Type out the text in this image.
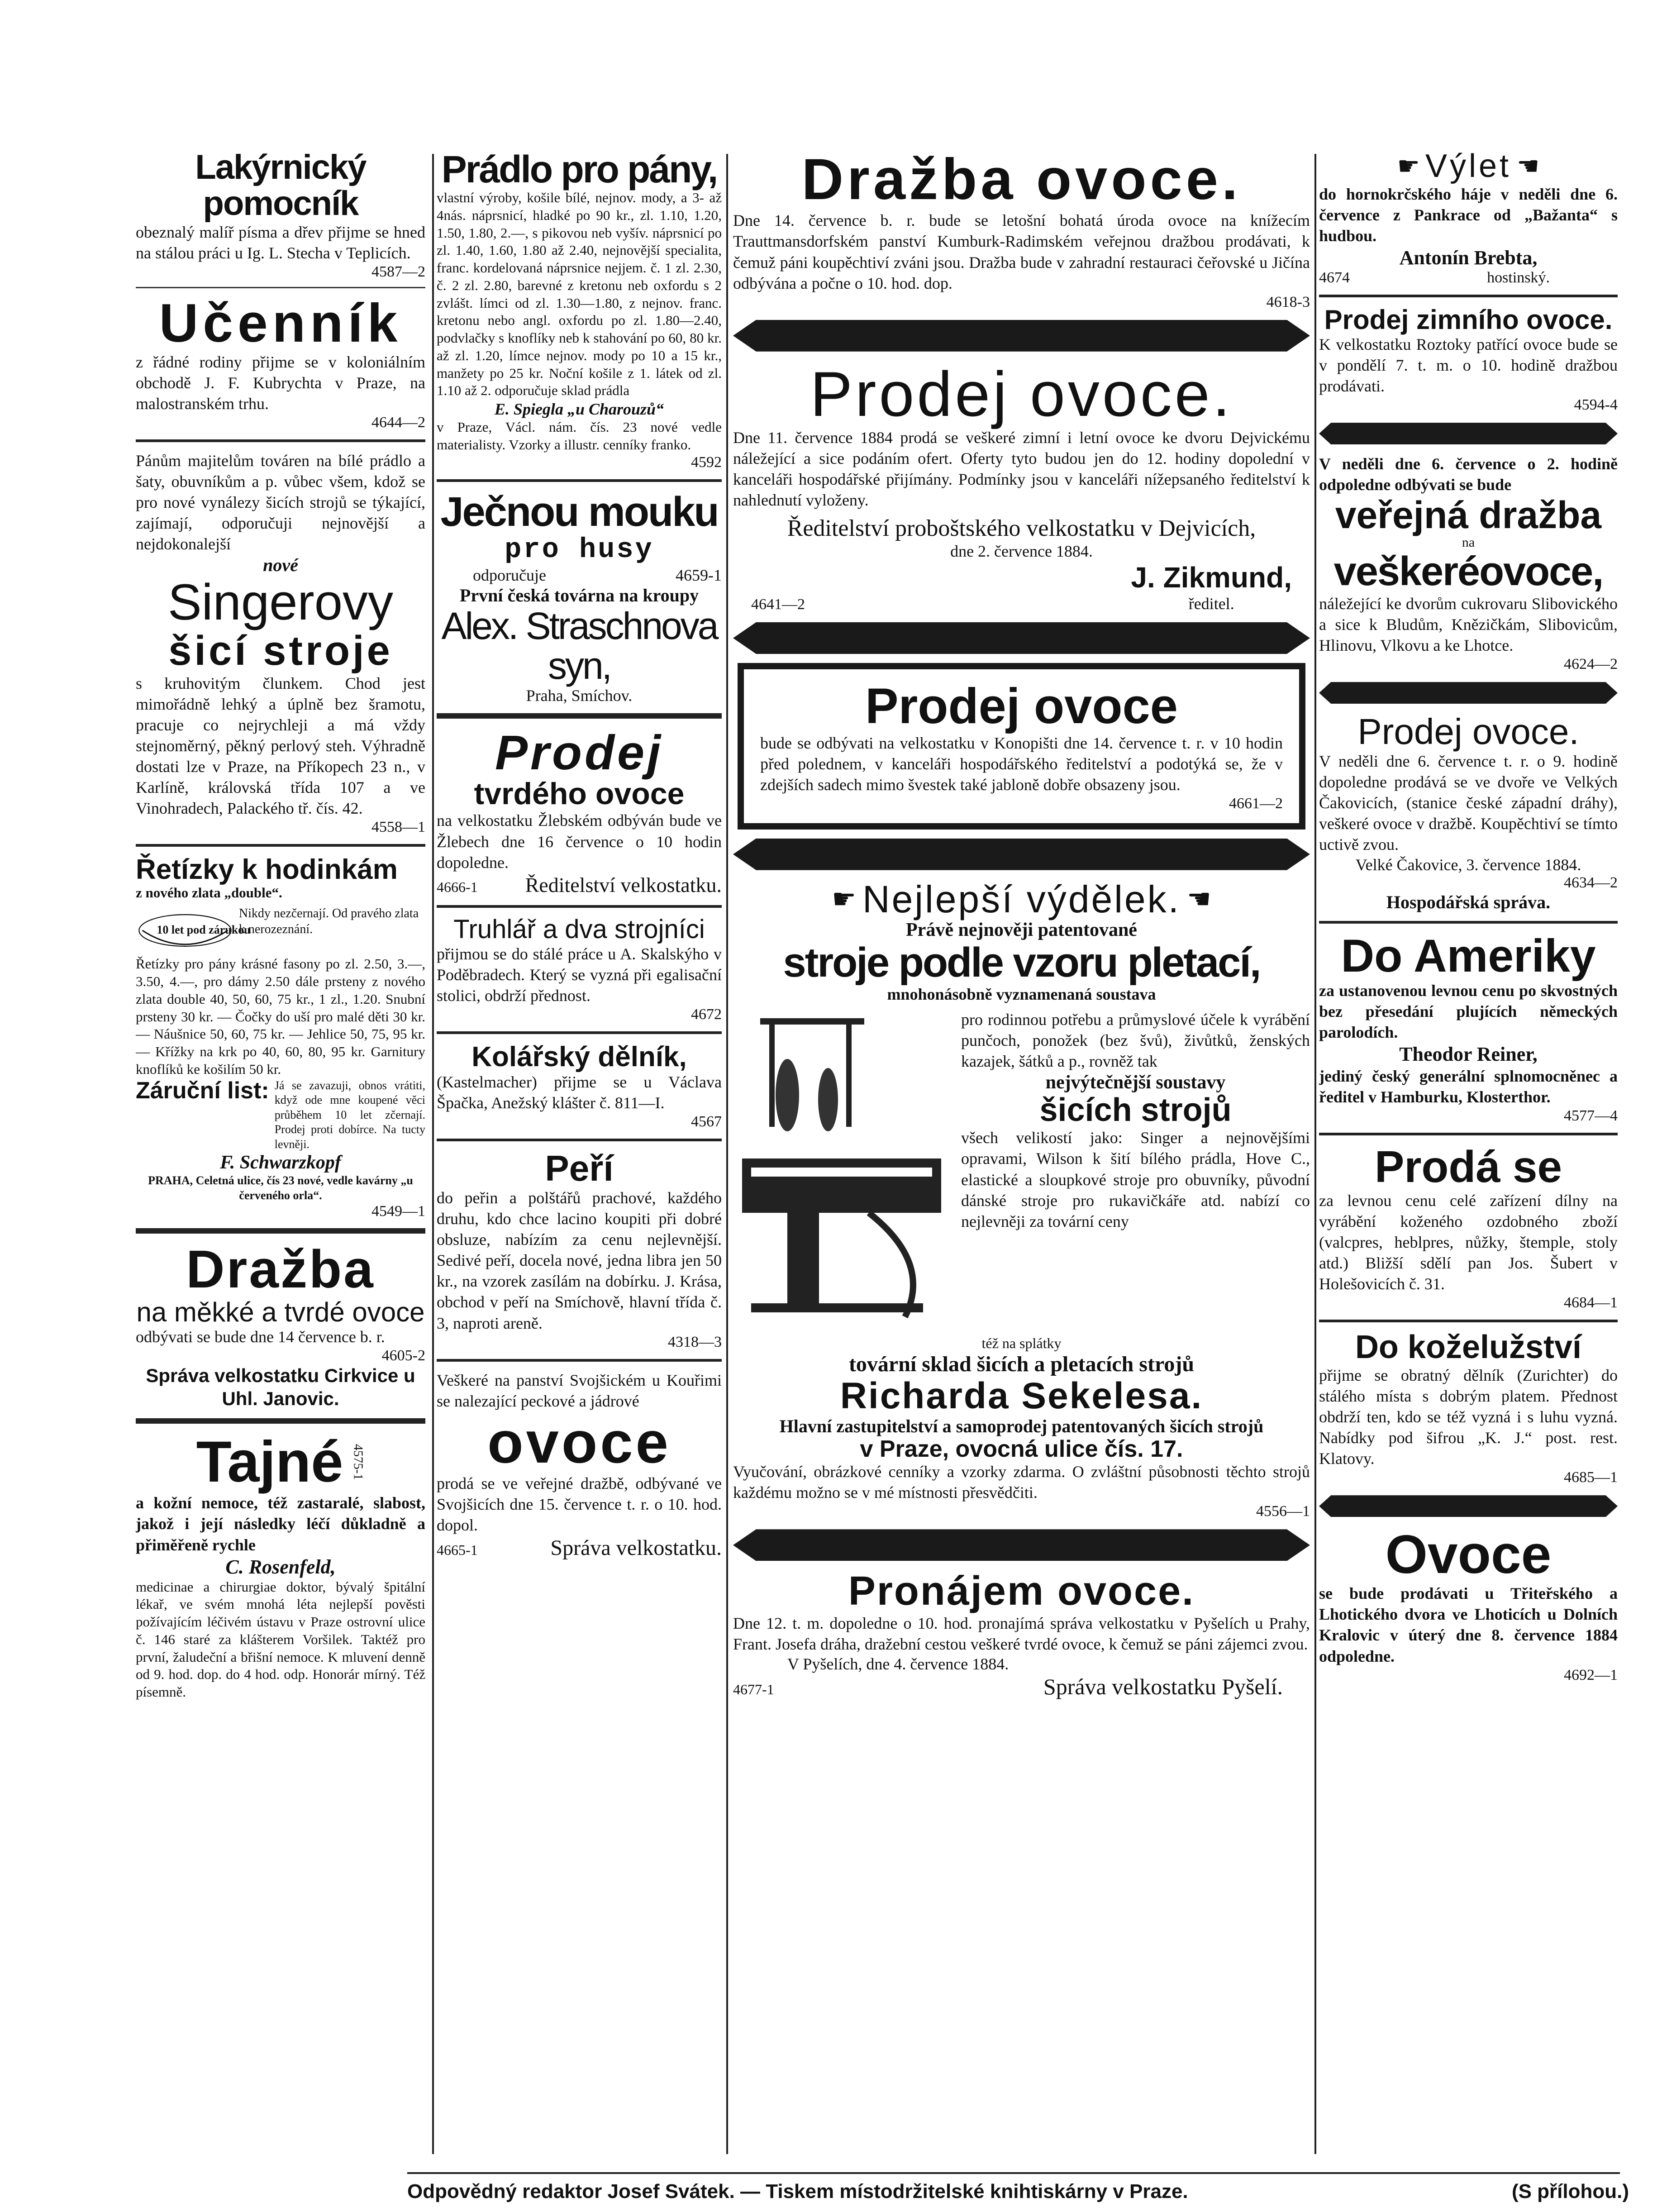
Lakýrnický pomocník

obeznalý malíř písma a dřev přijme se hned na stálou práci u Ig. L. Stecha v Teplicích.

4587—2
Učenník

z řádné rodiny přijme se v koloniálním obchodě J. F. Kubrychta v Praze, na malostranském trhu.

4644—2

Pánům majitelům továren na bílé prádlo a šaty, obuvníkům a p. vůbec všem, kdož se pro nové vynálezy šicích strojů se týkající, zajímají, odporučuji nejnovější a nejdokonalejší

nové
Singerovy
šicí stroje

s kruhovitým člunkem. Chod jest mimořádně lehký a úplně bez šramotu, pracuje co nejrychleji a má vždy stejnoměrný, pěkný perlový steh. Výhradně dostati lze v Praze, na Příkopech 23 n., v Karlíně, královská třída 107 a ve Vinohradech, Palackého tř. čís. 42.

4558—1
Řetízky k hodinkám
z nového zlata „double“.
Nikdy nezčernají. Od pravého zlata k nerozeznání.
10 let pod zárukou

Řetízky pro pány krásné fasony po zl. 2.50, 3.—, 3.50, 4.—, pro dámy 2.50 dále prsteny z nového zlata double 40, 50, 60, 75 kr., 1 zl., 1.20. Snubní prsteny 30 kr. — Čočky do uší pro malé děti 30 kr. — Náušnice 50, 60, 75 kr. — Jehlice 50, 75, 95 kr. — Křížky na krk po 40, 60, 80, 95 kr. Garnitury knoflíků ke košilím 50 kr.

Záruční list: Já se zavazuji, obnos vrátiti, když ode mne koupené věci průběhem 10 let zčernají. Prodej proti dobírce. Na tucty levněji.

F. Schwarzkopf
PRAHA, Celetná ulice, čís 23 nové, vedle kavárny „u červeného orla“.
4549—1
Dražba
na měkké a tvrdé ovoce

odbývati se bude dne 14 července b. r.

4605-2
Správa velkostatku Cirkvice u Uhl. Janovic.
Tajné 4575-1

a kožní nemoce, též zastaralé, slabost, jakož i její následky léčí důkladně a přiměřeně rychle

C. Rosenfeld,

medicinae a chirurgiae doktor, bývalý špitální lékař, ve svém mnohá léta nejlepší pověsti požívajícím léčivém ústavu v Praze ostrovní ulice č. 146 staré za klášterem Voršilek. Taktéž pro první, žaludeční a břišní nemoce. K mluvení denně od 9. hod. dop. do 4 hod. odp. Honorár mírný. Též písemně.

Prádlo pro pány,

vlastní výroby, košile bílé, nejnov. mody, a 3- až 4nás. náprsnicí, hladké po 90 kr., zl. 1.10, 1.20, 1.50, 1.80, 2.—, s pikovou neb vyšív. náprsnicí po zl. 1.40, 1.60, 1.80 až 2.40, nejnovější specialita, franc. kordelovaná náprsnice nejjem. č. 1 zl. 2.30, č. 2 zl. 2.80, barevné z kretonu neb oxfordu s 2 zvlášt. límci od zl. 1.30—1.80, z nejnov. franc. kretonu nebo angl. oxfordu po zl. 1.80—2.40, podvlačky s knoflíky neb k stahování po 60, 80 kr. až zl. 1.20, límce nejnov. mody po 10 a 15 kr., manžety po 25 kr. Noční košile z 1. látek od zl. 1.10 až 2. odporučuje sklad prádla

E. Spiegla „u Charouzů“

v Praze, Václ. nám. čís. 23 nové vedle materialisty. Vzorky a illustr. cenníky franko.

4592
Ječnou mouku
pro husy
odporučuje	4659-1
První česká továrna na kroupy
Alex. Straschnova syn,
Praha, Smíchov.
Prodej
tvrdého ovoce

na velkostatku Žlebském odbýván bude ve Žlebech dne 16 července o 10 hodin dopoledne.

4666-1 Ředitelství velkostatku.
Truhlář a dva strojníci

přijmou se do stálé práce u A. Skalskýho v Poděbradech. Který se vyzná při egalisační stolici, obdrží přednost.

4672
Kolářský dělník,

(Kastelmacher) přijme se u Václava Špačka, Anežský klášter č. 811—I.

4567
Peří

do peřin a polštářů prachové, každého druhu, kdo chce lacino koupiti při dobré obsluze, nabízím za cenu nejlevnější. Sedivé peří, docela nové, jedna libra jen 50 kr., na vzorek zasílám na dobírku. J. Krása, obchod v peří na Smíchově, hlavní třída č. 3, naproti areně.

4318—3

Veškeré na panství Svojšickém u Kouřimi se nalezající peckové a jádrové

ovoce

prodá se ve veřejné dražbě, odbývané ve Svojšicích dne 15. července t. r. o 10. hod. dopol.

4665-1	Správa velkostatku.
Dražba ovoce.

Dne 14. července b. r. bude se letošní bohatá úroda ovoce na knížecím Trauttmansdorfském panství Kumburk-Radimském veřejnou dražbou prodávati, k čemuž páni koupěchtiví zváni jsou. Dražba bude v zahradní restauraci čeřovské u Jičína odbývána a počne o 10. hod. dop.

4618-3
Prodej ovoce.

Dne 11. července 1884 prodá se veškeré zimní i letní ovoce ke dvoru Dejvickému náležející a sice podáním ofert. Oferty tyto budou jen do 12. hodiny dopolední v kanceláři hospodářské přijímány. Podmínky jsou v kanceláři nížepsaného ředitelství k nahlednutí vyloženy.

Ředitelství proboštského velkostatku v Dejvicích,
dne 2. července 1884.
4641—2
J. Zikmund,
ředitel.
Prodej ovoce

bude se odbývati na velkostatku v Konopišti dne 14. července t. r. v 10 hodin před polednem, v kanceláři hospodářského ředitelství a podotýká se, že v zdejších sadech mimo švestek také jabloně dobře obsazeny jsou.

4661—2
☛ Nejlepší výdělek. ☚
Právě nejnověji patentované
stroje podle vzoru pletací,
mnohonásobně vyznamenaná soustava

pro rodinnou potřebu a průmyslové účele k vyrábění punčoch, ponožek (bez švů), živůtků, ženských kazajek, šátků a p., rovněž tak

nejvýtečnější soustavy
šicích strojů

všech velikostí jako: Singer a nejnovějšími opravami, Wilson k šití bílého prádla, Hove C., elastické a sloupkové stroje pro obuvníky, původní dánské stroje pro rukavičkáře atd. nabízí co nejlevněji za tovární ceny

též na splátky
tovární sklad šicích a pletacích strojů
Richarda Sekelesa.
Hlavní zastupitelství a samoprodej patentovaných šicích strojů
v Praze, ovocná ulice čís. 17.

Vyučování, obrázkové cenníky a vzorky zdarma. O zvláštní působnosti těchto strojů každému možno se v mé místnosti přesvědčiti.

4556—1
Pronájem ovoce.

Dne 12. t. m. dopoledne o 10. hod. pronajímá správa velkostatku v Pyšelích u Prahy, Frant. Josefa dráha, dražební cestou veškeré tvrdé ovoce, k čemuž se páni zájemci zvou.

V Pyšelích, dne 4. července 1884.
4677-1	Správa velkostatku Pyšelí.
☛ Výlet ☚

do hornokrčského háje v neděli dne 6. července z Pankrace od „Bažanta“ s hudbou.

Antonín Brebta,
4674	hostinský.
Prodej zimního ovoce.

K velkostatku Roztoky patřící ovoce bude se v pondělí 7. t. m. o 10. hodině dražbou prodávati.

4594-4

V neděli dne 6. července o 2. hodině odpoledne odbývati se bude

veřejná dražba
na
veškeréovoce,

náležející ke dvorům cukrovaru Slibovického a sice k Bludům, Knězičkám, Slibovicům, Hlinovu, Vlkovu a ke Lhotce.

4624—2
Prodej ovoce.

V neděli dne 6. července t. r. o 9. hodině dopoledne prodává se ve dvoře ve Velkých Čakovicích, (stanice české západní dráhy), veškeré ovoce v dražbě. Koupěchtiví se tímto uctivě zvou.

Velké Čakovice, 3. července 1884.
4634—2
Hospodářská správa.
Do Ameriky

za ustanovenou levnou cenu po skvostných bez přesedání plujících německých parolodích.

Theodor Reiner,

jediný český generální splnomocněnec a ředitel v Hamburku, Klosterthor.

4577—4
Prodá se

za levnou cenu celé zařízení dílny na vyrábění koženého ozdobného zboží (valcpres, heblpres, nůžky, štemple, stoly atd.) Bližší sdělí pan Jos. Šubert v Holešovicích č. 31.

4684—1
Do koželužství

přijme se obratný dělník (Zurichter) do stálého místa s dobrým platem. Přednost obdrží ten, kdo se též vyzná i s luhu vyzná. Nabídky pod šifrou „K. J.“ post. rest. Klatovy.

4685—1
Ovoce

se bude prodávati u Třiteřského a Lhotického dvora ve Lhoticích u Dolních Kralovic v úterý dne 8. července 1884 odpoledne.

4692—1
Odpovědný redaktor Josef Svátek. — Tiskem místodržitelské knihtiskárny v Praze.	(S přílohou.)
